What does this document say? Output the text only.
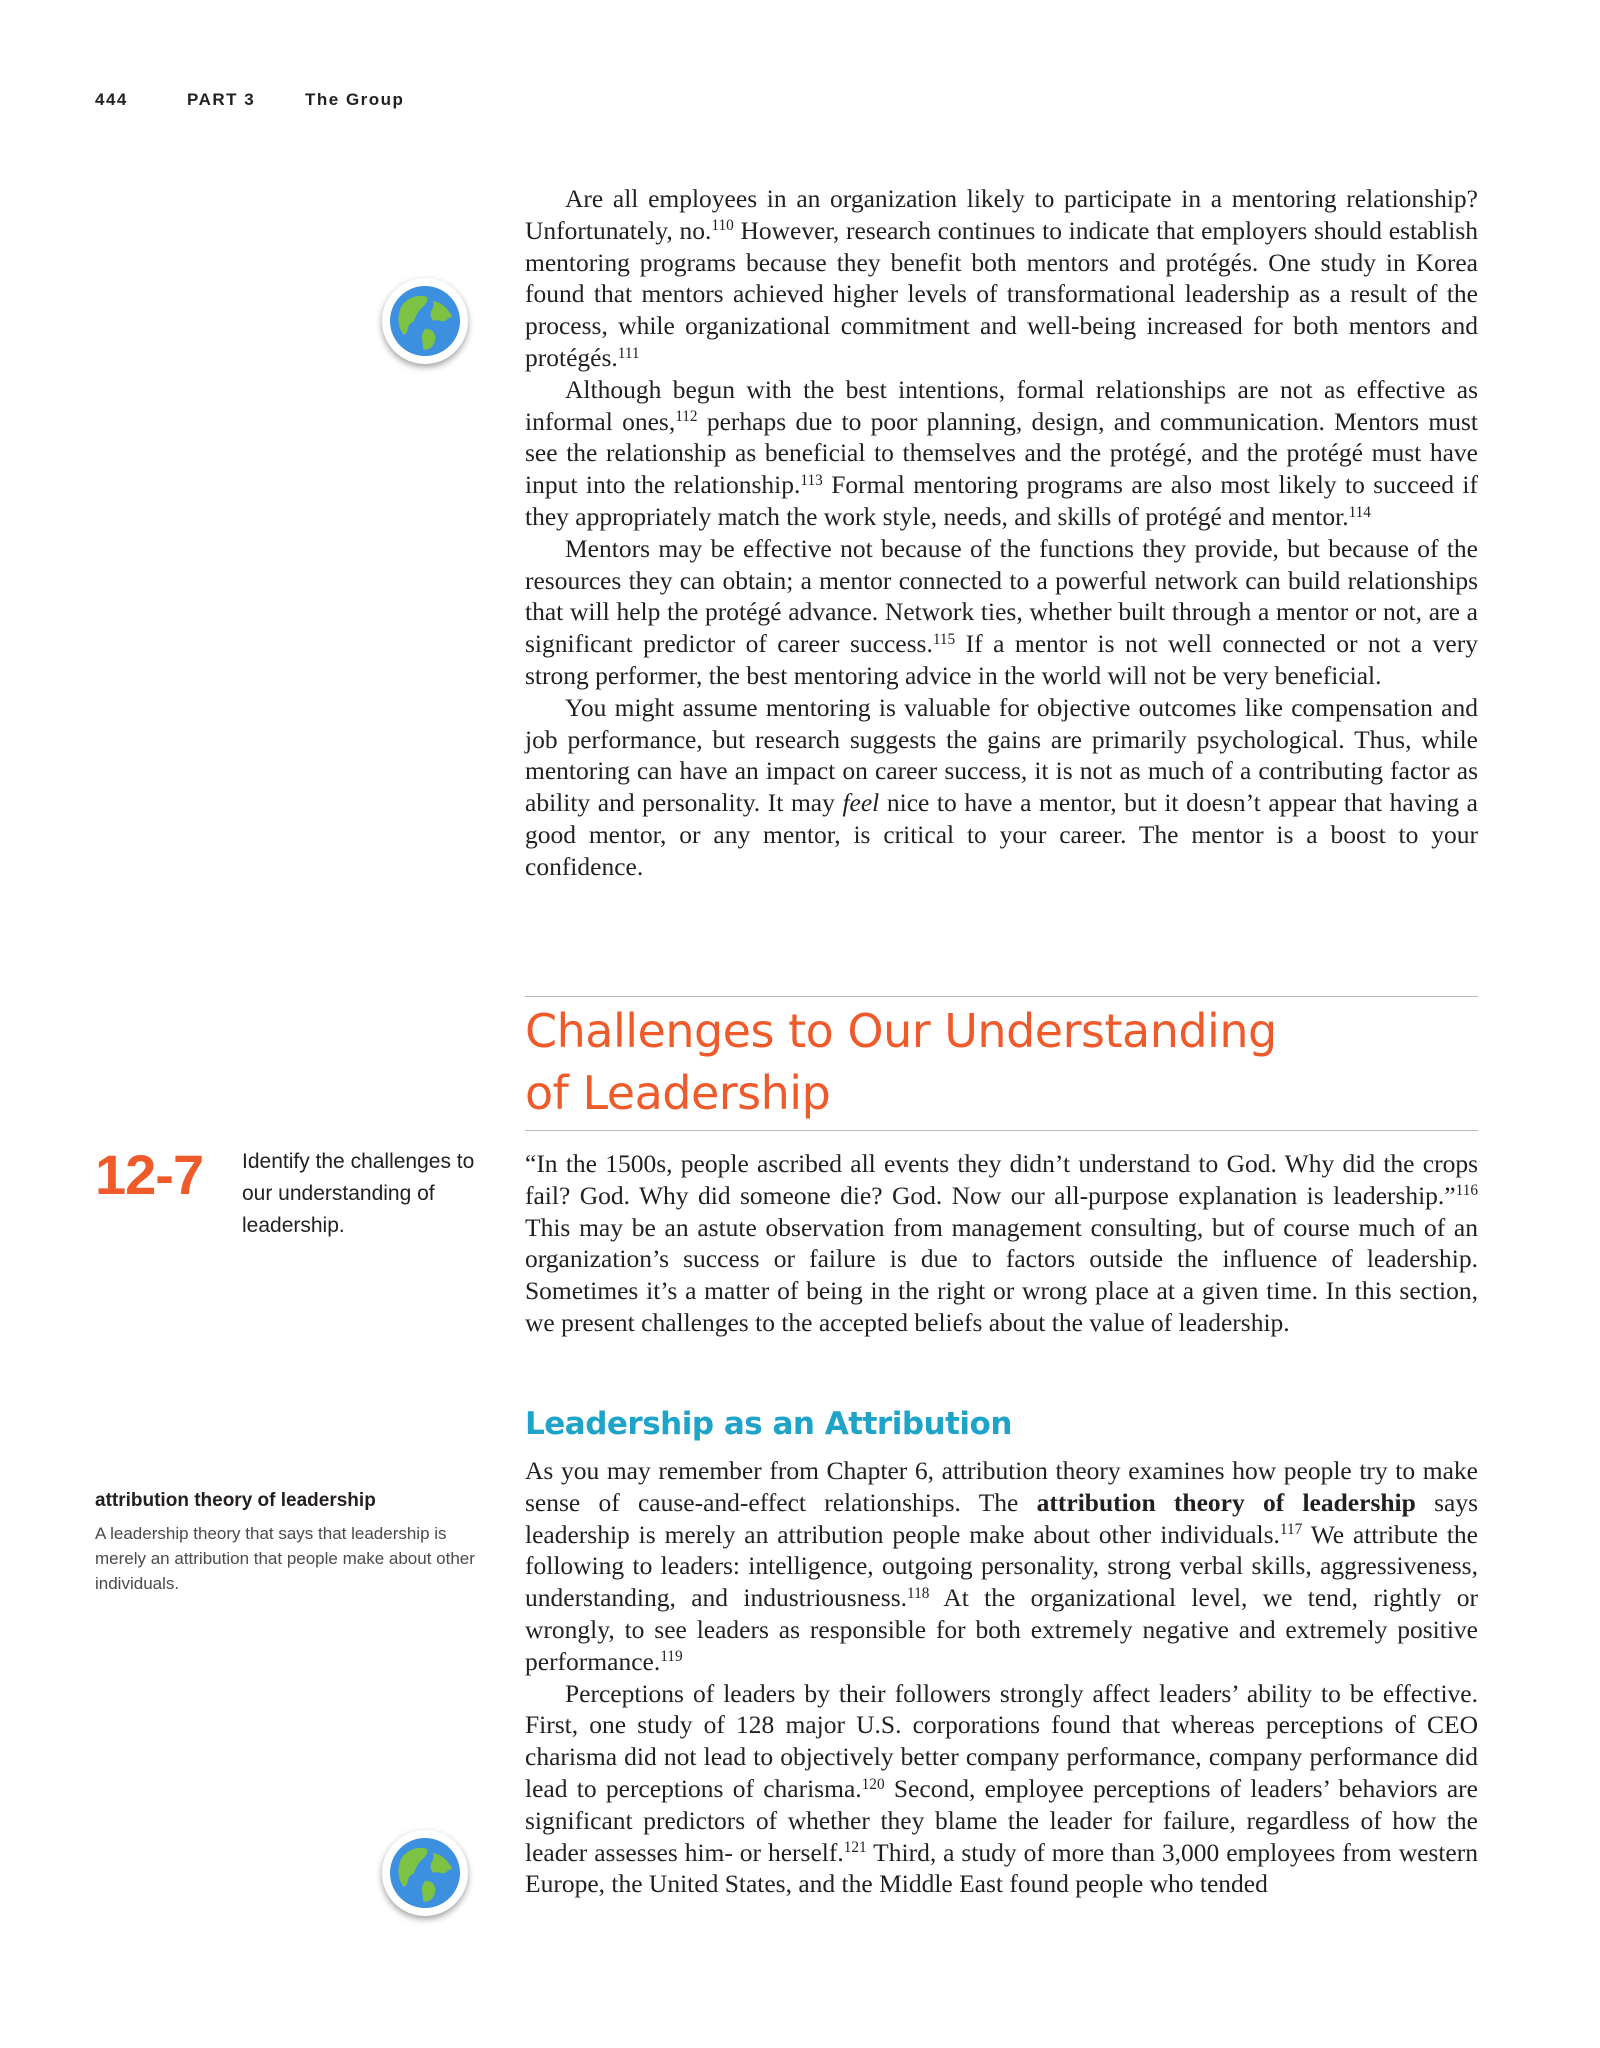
444	PART 3	The Group

Are all employees in an organization likely to participate in a mentoring relationship? Unfortunately, no.$^{110}$ However, research continues to indicate that employers should establish mentoring programs because they benefit both mentors and protégés. One study in Korea found that mentors achieved higher levels of transformational leadership as a result of the process, while organizational commitment and well-being increased for both mentors and protégés.$^{111}$

Although begun with the best intentions, formal relationships are not as effective as informal ones,$^{112}$ perhaps due to poor planning, design, and communication. Mentors must see the relationship as beneficial to themselves and the protégé, and the protégé must have input into the relationship.$^{113}$ Formal mentoring programs are also most likely to succeed if they appropriately match the work style, needs, and skills of protégé and mentor.$^{114}$

Mentors may be effective not because of the functions they provide, but because of the resources they can obtain; a mentor connected to a powerful network can build relationships that will help the protégé advance. Network ties, whether built through a mentor or not, are a significant predictor of career success.$^{115}$ If a mentor is not well connected or not a very strong performer, the best mentoring advice in the world will not be very beneficial.

You might assume mentoring is valuable for objective outcomes like compensation and job performance, but research suggests the gains are primarily psychological. Thus, while mentoring can have an impact on career success, it is not as much of a contributing factor as ability and personality. It may feel nice to have a mentor, but it doesn’t appear that having a good mentor, or any mentor, is critical to your career. The mentor is a boost to your confidence.

Challenges to Our Understanding
of Leadership
12-7 Identify the challenges to our understanding of leadership.

“In the 1500s, people ascribed all events they didn’t understand to God. Why did the crops fail? God. Why did someone die? God. Now our all-purpose explanation is leadership.”$^{116}$ This may be an astute observation from management consulting, but of course much of an organization’s success or failure is due to factors outside the influence of leadership. Sometimes it’s a matter of being in the right or wrong place at a given time. In this section, we present challenges to the accepted beliefs about the value of leadership.

Leadership as an Attribution
attribution theory of leadership
A leadership theory that says that leadership is merely an attribution that people make about other individuals.

As you may remember from Chapter 6, attribution theory examines how people try to make sense of cause-and-effect relationships. The attribution theory of leadership says leadership is merely an attribution people make about other individuals.$^{117}$ We attribute the following to leaders: intelligence, outgoing personality, strong verbal skills, aggressiveness, understanding, and industriousness.$^{118}$ At the organizational level, we tend, rightly or wrongly, to see leaders as responsible for both extremely negative and extremely positive performance.$^{119}$

Perceptions of leaders by their followers strongly affect leaders’ ability to be effective. First, one study of 128 major U.S. corporations found that whereas perceptions of CEO charisma did not lead to objectively better company performance, company performance did lead to perceptions of charisma.$^{120}$ Second, employee perceptions of leaders’ behaviors are significant predictors of whether they blame the leader for failure, regardless of how the leader assesses him- or herself.$^{121}$ Third, a study of more than 3,000 employees from western Europe, the United States, and the Middle East found people who tended
